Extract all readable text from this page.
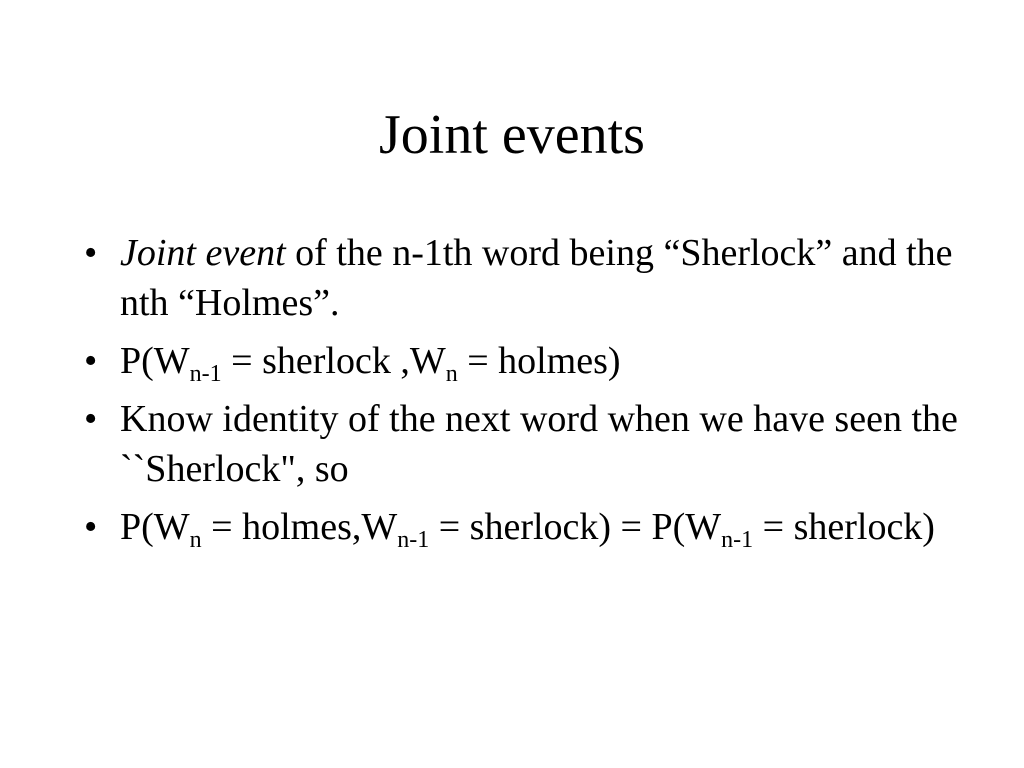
Joint events
• Joint event of the n-1th word being “Sherlock” and the nth “Holmes”.
• $P(W_{n-1}$ = sherlock $,W_n$ = holmes)
• Know identity of the next word when we have seen the ``Sherlock", so
• $P(W_n$ = $holmes,W_{n-1}$ = sherlock) = $P(W_{n-1}$ = sherlock)
